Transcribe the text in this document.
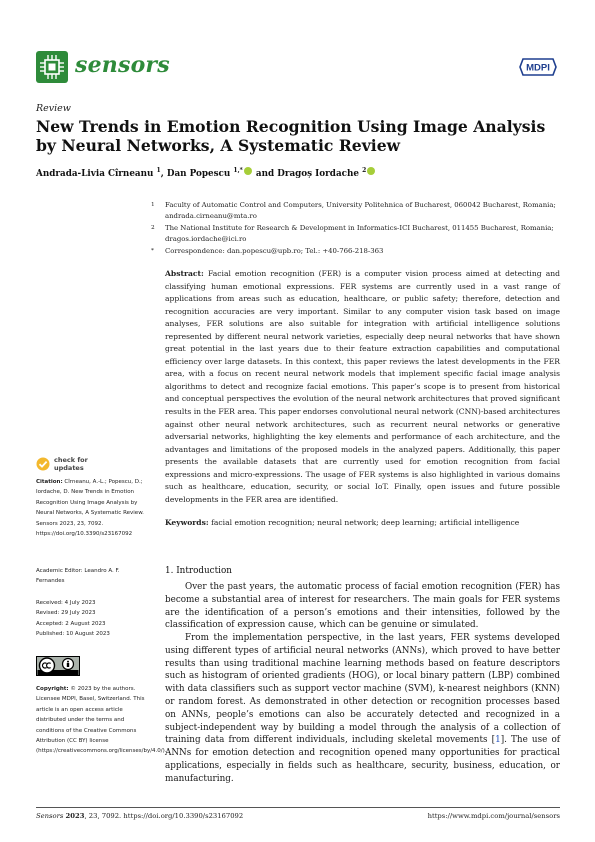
sensors	MDPI
Review
New Trends in Emotion Recognition Using Image Analysis by Neural Networks, A Systematic Review
Andrada-Livia Cîrneanu $^1$, Dan Popescu $^{1,*}$ and Dragoș Iordache $^2$
1 Faculty of Automatic Control and Computers, University Politehnica of Bucharest, 060042 Bucharest, Romania; andrada.cirneanu@mta.ro
2 The National Institute for Research & Development in Informatics-ICI Bucharest, 011455 Bucharest, Romania; dragos.iordache@ici.ro
* Correspondence: dan.popescu@upb.ro; Tel.: +40-766-218-363
Abstract: Facial emotion recognition (FER) is a computer vision process aimed at detecting and classifying human emotional expressions. FER systems are currently used in a vast range of applications from areas such as education, healthcare, or public safety; therefore, detection and recognition accuracies are very important. Similar to any computer vision task based on image analyses, FER solutions are also suitable for integration with artificial intelligence solutions represented by different neural network varieties, especially deep neural networks that have shown great potential in the last years due to their feature extraction capabilities and computational efficiency over large datasets. In this context, this paper reviews the latest developments in the FER area, with a focus on recent neural network models that implement specific facial image analysis algorithms to detect and recognize facial emotions. This paper’s scope is to present from historical and conceptual perspectives the evolution of the neural network architectures that proved significant results in the FER area. This paper endorses convolutional neural network (CNN)-based architectures against other neural network architectures, such as recurrent neural networks or generative adversarial networks, highlighting the key elements and performance of each architecture, and the advantages and limitations of the proposed models in the analyzed papers. Additionally, this paper presents the available datasets that are currently used for emotion recognition from facial expressions and micro-expressions. The usage of FER systems is also highlighted in various domains such as healthcare, education, security, or social IoT. Finally, open issues and future possible developments in the FER area are identified.
Keywords: facial emotion recognition; neural network; deep learning; artificial intelligence
check for
updates
Citation: Cîrneanu, A.-L.; Popescu, D.; Iordache, D. New Trends in Emotion Recognition Using Image Analysis by Neural Networks, A Systematic Review. Sensors 2023, 23, 7092. https://doi.org/10.3390/s23167092
Academic Editor: Leandro A. F. Fernandes
Received: 4 July 2023
Revised: 29 July 2023
Accepted: 2 August 2023
Published: 10 August 2023
Copyright: © 2023 by the authors. Licensee MDPI, Basel, Switzerland. This article is an open access article distributed under the terms and conditions of the Creative Commons Attribution (CC BY) license (https://creativecommons.org/licenses/by/4.0/).
1. Introduction
Over the past years, the automatic process of facial emotion recognition (FER) has become a substantial area of interest for researchers. The main goals for FER systems are the identification of a person’s emotions and their intensities, followed by the classification of expression cause, which can be genuine or simulated.
From the implementation perspective, in the last years, FER systems developed using different types of artificial neural networks (ANNs), which proved to have better results than using traditional machine learning methods based on feature descriptors such as histogram of oriented gradients (HOG), or local binary pattern (LBP) combined with data classifiers such as support vector machine (SVM), k-nearest neighbors (KNN) or random forest. As demonstrated in other detection or recognition processes based on ANNs, people’s emotions can also be accurately detected and recognized in a subject-independent way by building a model through the analysis of a collection of training data from different individuals, including skeletal movements [1]. The use of ANNs for emotion detection and recognition opened many opportunities for practical applications, especially in fields such as healthcare, security, business, education, or manufacturing.
Sensors 2023, 23, 7092. https://doi.org/10.3390/s23167092	https://www.mdpi.com/journal/sensors
